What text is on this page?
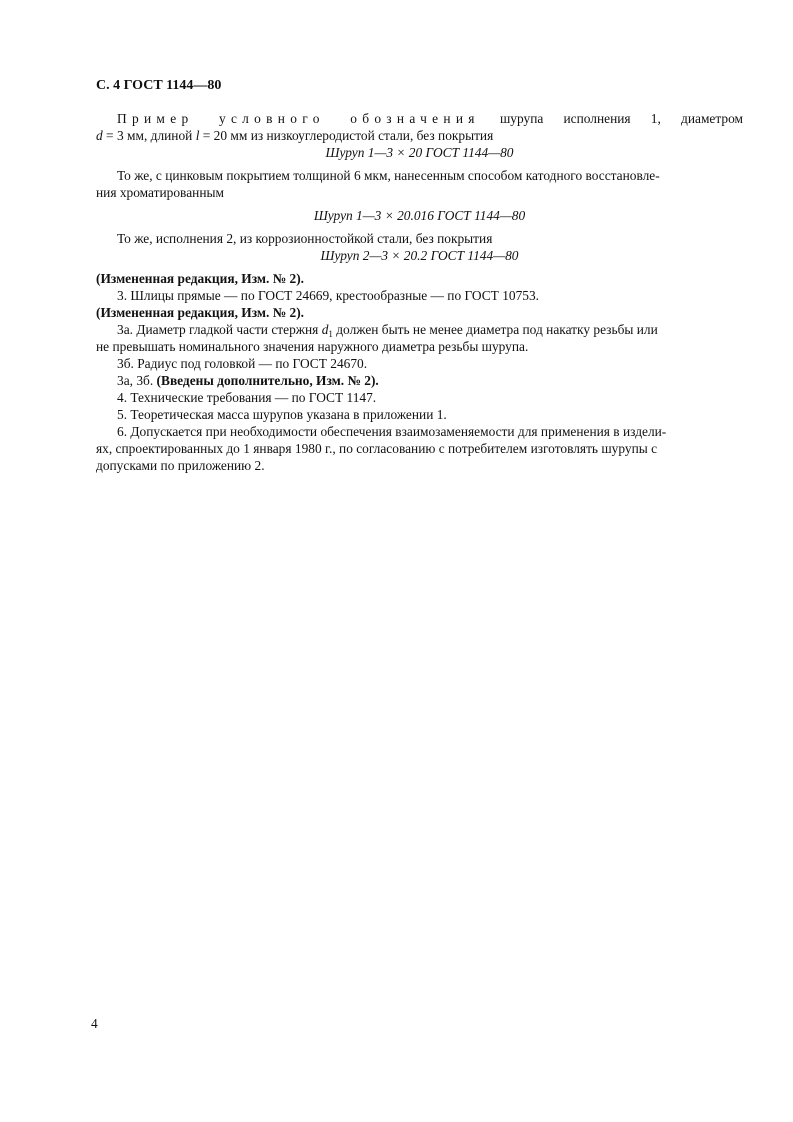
С. 4 ГОСТ 1144—80
Пример условного обозначения шурупа исполнения 1, диаметром
d = 3 мм, длиной l = 20 мм из низкоуглеродистой стали, без покрытия
Шуруп 1—3 × 20 ГОСТ 1144—80
То же, с цинковым покрытием толщиной 6 мкм, нанесенным способом катодного восстановле-
ния хроматированным
Шуруп 1—3 × 20.016 ГОСТ 1144—80
То же, исполнения 2, из коррозионностойкой стали, без покрытия
Шуруп 2—3 × 20.2 ГОСТ 1144—80
(Измененная редакция, Изм. № 2).
3. Шлицы прямые — по ГОСТ 24669, крестообразные — по ГОСТ 10753.
(Измененная редакция, Изм. № 2).
3а. Диаметр гладкой части стержня $d_1$ должен быть не менее диаметра под накатку резьбы или
не превышать номинального значения наружного диаметра резьбы шурупа.
3б. Радиус под головкой — по ГОСТ 24670.
3а, 3б. (Введены дополнительно, Изм. № 2).
4. Технические требования — по ГОСТ 1147.
5. Теоретическая масса шурупов указана в приложении 1.
6. Допускается при необходимости обеспечения взаимозаменяемости для применения в издели-
ях, спроектированных до 1 января 1980 г., по согласованию с потребителем изготовлять шурупы с
допусками по приложению 2.
4
